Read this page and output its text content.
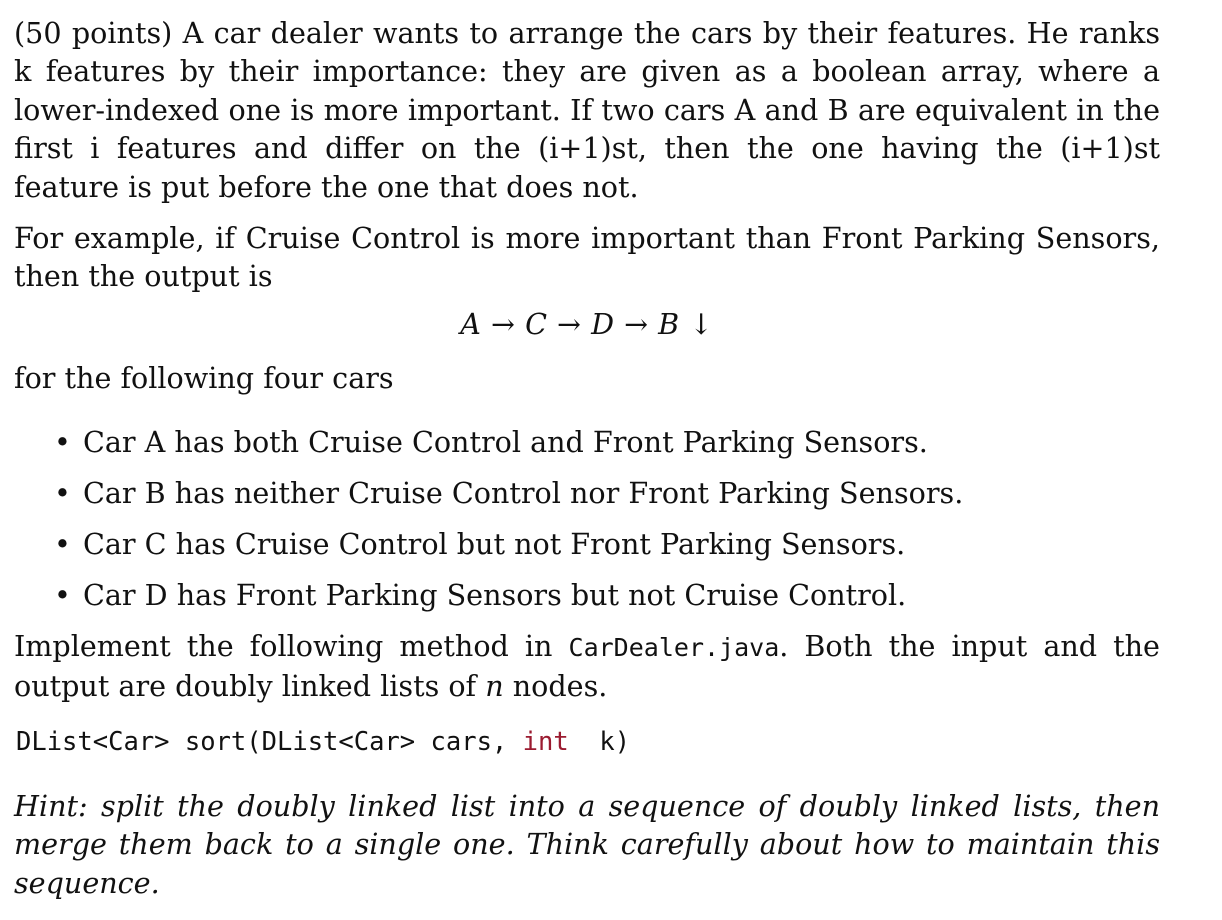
(50 points) A car dealer wants to arrange the cars by their features. He ranks k features by their importance: they are given as a boolean array, where a lower-indexed one is more important. If two cars A and B are equivalent in the first i features and differ on the (i+1)st, then the one having the (i+1)st feature is put before the one that does not.

For example, if Cruise Control is more important than Front Parking Sensors, then the output is

A → C → D → B ↓

for the following four cars

• Car A has both Cruise Control and Front Parking Sensors.
• Car B has neither Cruise Control nor Front Parking Sensors.
• Car C has Cruise Control but not Front Parking Sensors.
• Car D has Front Parking Sensors but not Cruise Control.

Implement the following method in CarDealer.java. Both the input and the output are doubly linked lists of n nodes.

DList<Car> sort(DList<Car> cars, int  k)

Hint: split the doubly linked list into a sequence of doubly linked lists, then merge them back to a single one. Think carefully about how to maintain this sequence.
